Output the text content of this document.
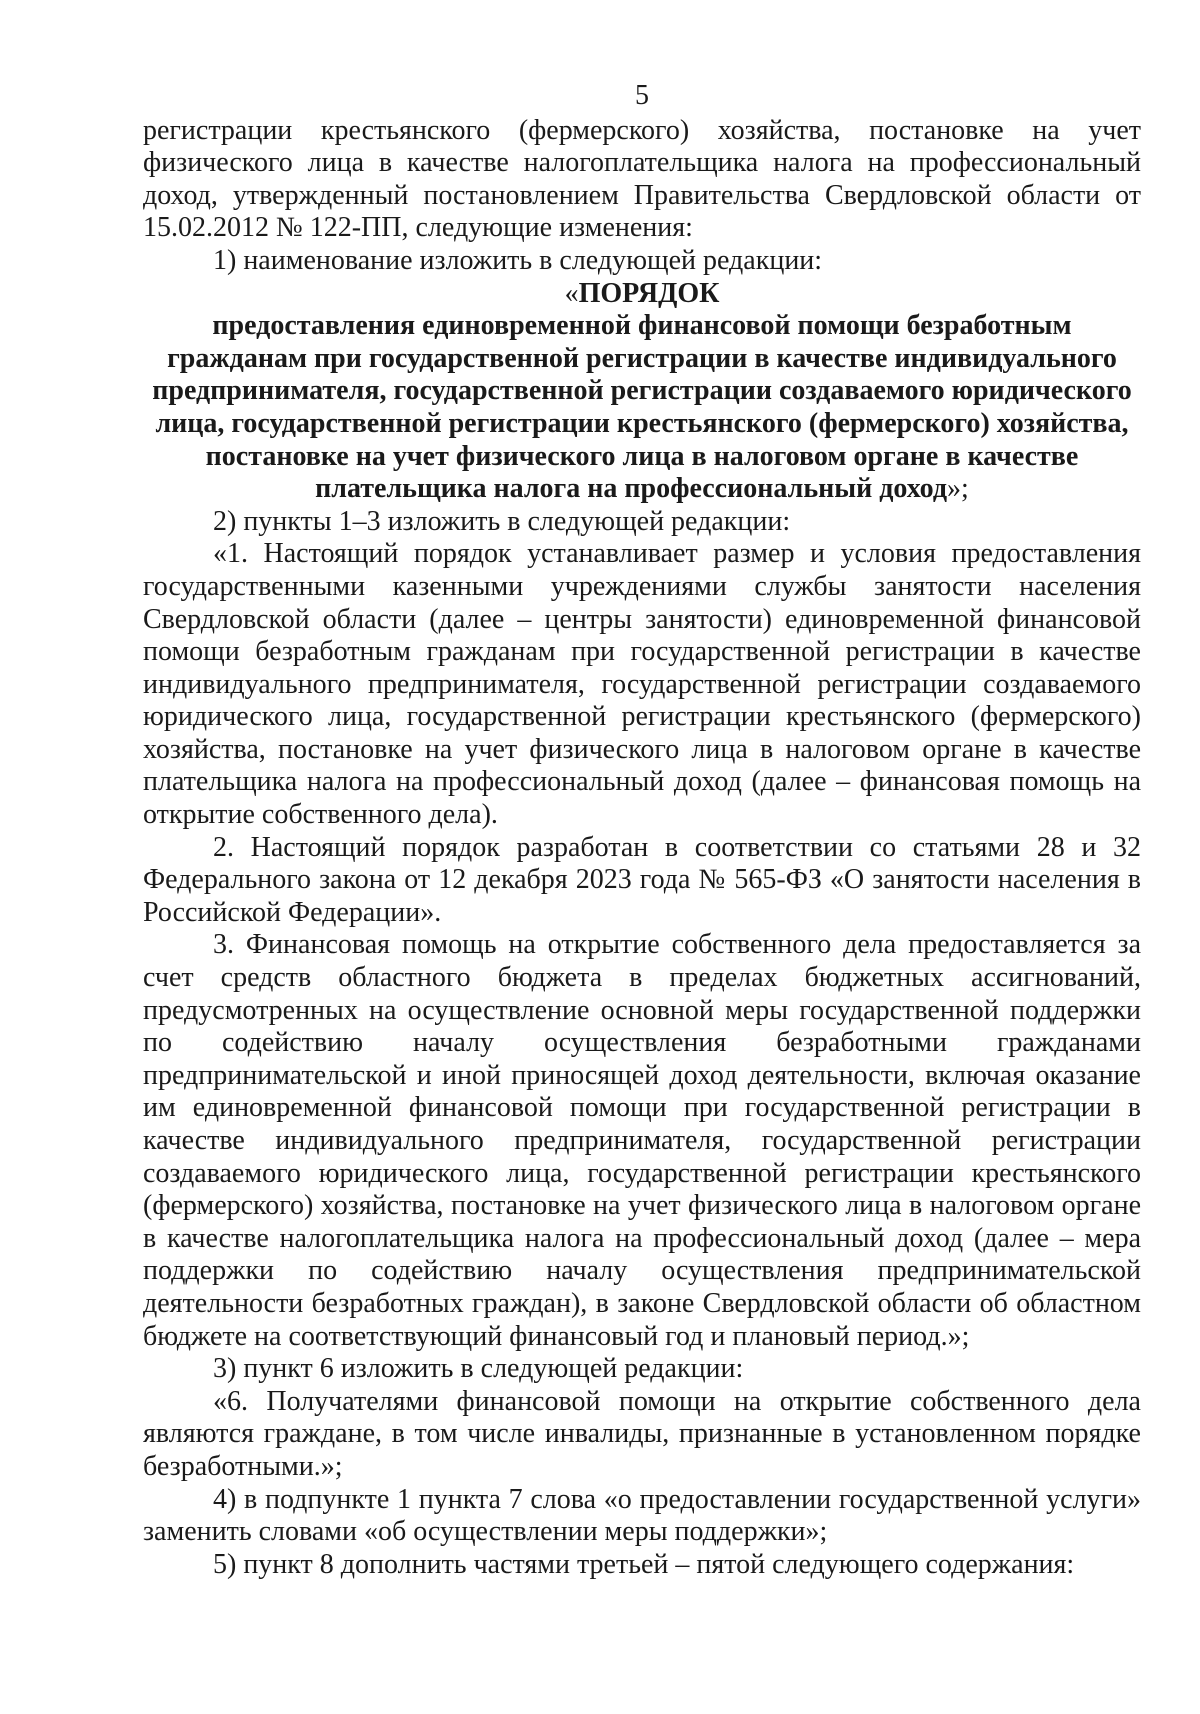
5

регистрации крестьянского (фермерского) хозяйства, постановке на учет физического лица в качестве налогоплательщика налога на профессиональный доход, утвержденный постановлением Правительства Свердловской области от 15.02.2012 № 122-ПП, следующие изменения:

1) наименование изложить в следующей редакции:

«ПОРЯДОК

предоставления единовременной финансовой помощи безработным гражданам при государственной регистрации в качестве индивидуального предпринимателя, государственной регистрации создаваемого юридического лица, государственной регистрации крестьянского (фермерского) хозяйства, постановке на учет физического лица в налоговом органе в качестве плательщика налога на профессиональный доход»;

2) пункты 1–3 изложить в следующей редакции:

«1. Настоящий порядок устанавливает размер и условия предоставления государственными казенными учреждениями службы занятости населения Свердловской области (далее – центры занятости) единовременной финансовой помощи безработным гражданам при государственной регистрации в качестве индивидуального предпринимателя, государственной регистрации создаваемого юридического лица, государственной регистрации крестьянского (фермерского) хозяйства, постановке на учет физического лица в налоговом органе в качестве плательщика налога на профессиональный доход (далее – финансовая помощь на открытие собственного дела).

2. Настоящий порядок разработан в соответствии со статьями 28 и 32 Федерального закона от 12 декабря 2023 года № 565-ФЗ «О занятости населения в Российской Федерации».

3. Финансовая помощь на открытие собственного дела предоставляется за счет средств областного бюджета в пределах бюджетных ассигнований, предусмотренных на осуществление основной меры государственной поддержки по содействию началу осуществления безработными гражданами предпринимательской и иной приносящей доход деятельности, включая оказание им единовременной финансовой помощи при государственной регистрации в качестве индивидуального предпринимателя, государственной регистрации создаваемого юридического лица, государственной регистрации крестьянского (фермерского) хозяйства, постановке на учет физического лица в налоговом органе в качестве налогоплательщика налога на профессиональный доход (далее – мера поддержки по содействию началу осуществления предпринимательской деятельности безработных граждан), в законе Свердловской области об областном бюджете на соответствующий финансовый год и плановый период.»;

3) пункт 6 изложить в следующей редакции:

«6. Получателями финансовой помощи на открытие собственного дела являются граждане, в том числе инвалиды, признанные в установленном порядке безработными.»;

4) в подпункте 1 пункта 7 слова «о предоставлении государственной услуги» заменить словами «об осуществлении меры поддержки»;

5) пункт 8 дополнить частями третьей – пятой следующего содержания:
